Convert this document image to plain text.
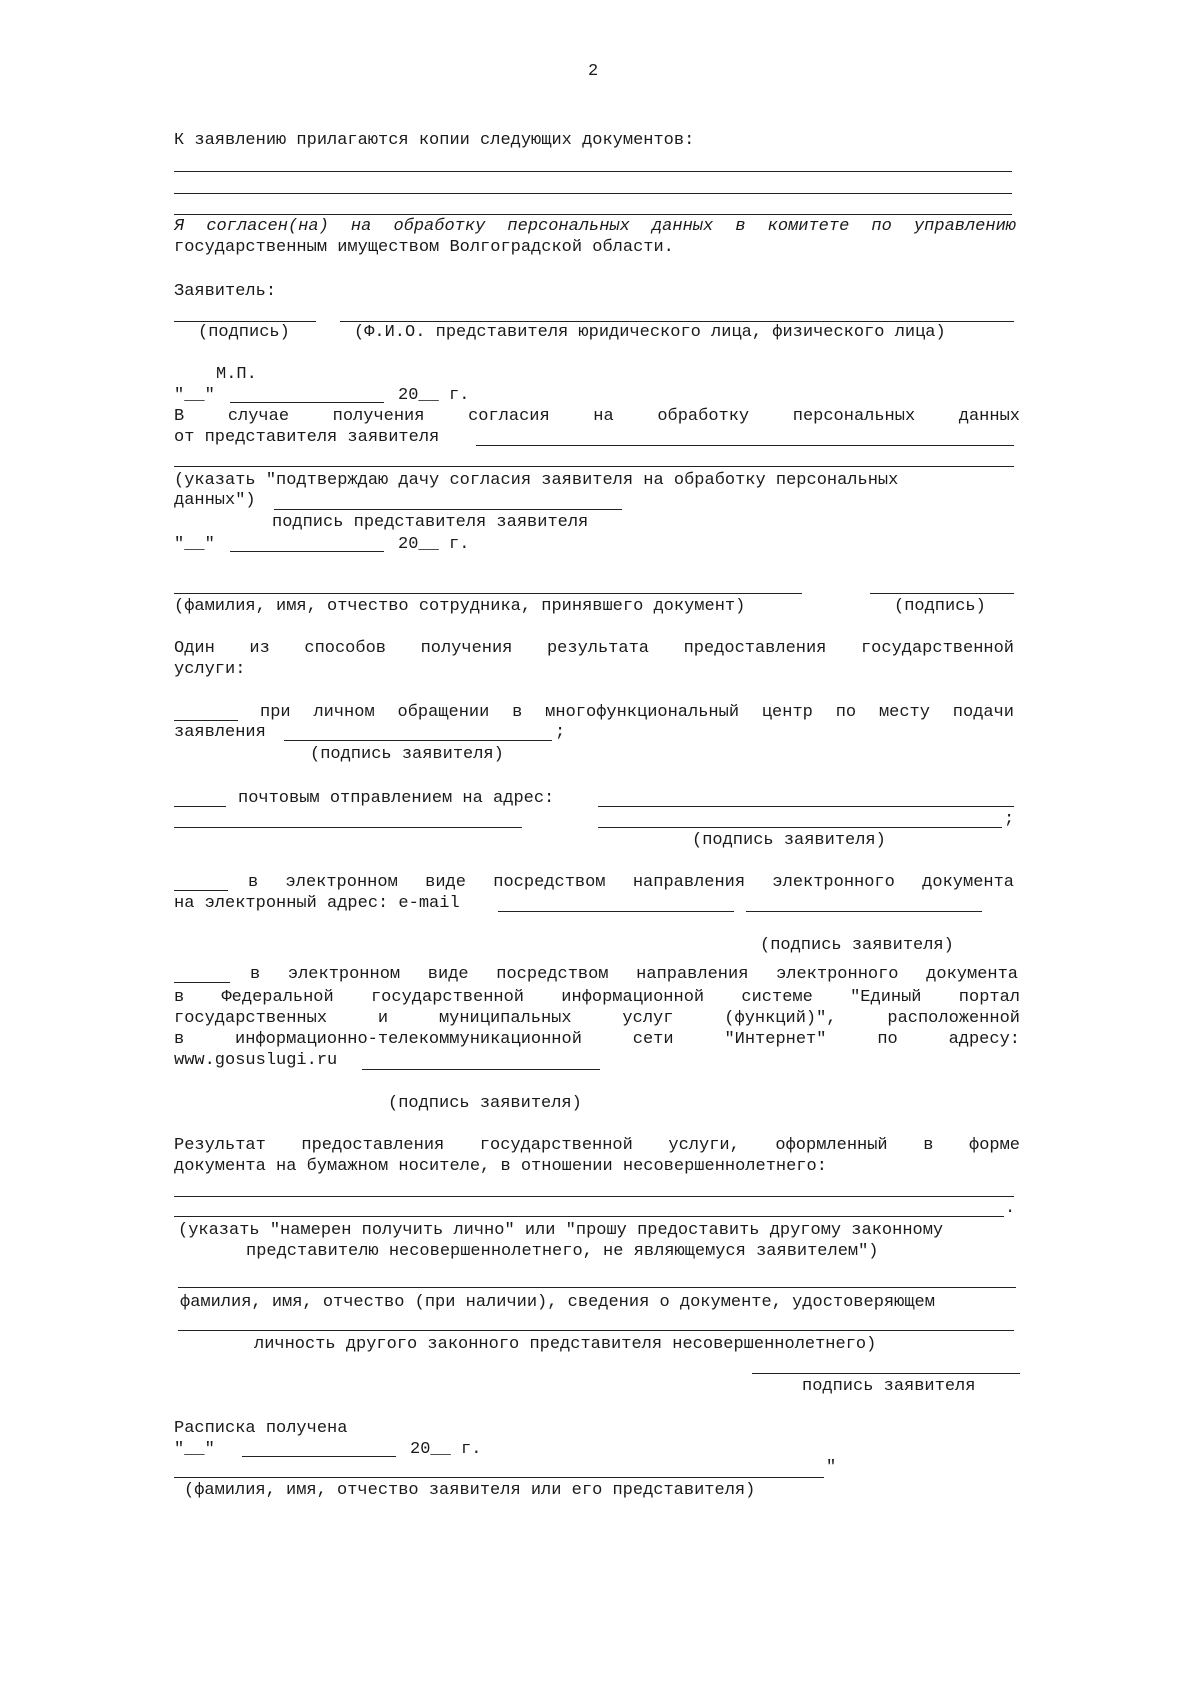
2
К заявлению прилагаются копии следующих документов:
Я согласен(на) на обработку персональных данных в комитете по управлению
государственным имуществом Волгоградской области.
Заявитель:
(подпись)	(Ф.И.О. представителя юридического лица, физического лица)
М.П.
"__"	20__ г.
В случае получения согласия на обработку персональных данных
от представителя заявителя
(указать "подтверждаю дачу согласия заявителя на обработку персональных
данных")
подпись представителя заявителя
"__"	20__ г.
(фамилия, имя, отчество сотрудника, принявшего документ)	(подпись)
Один из способов получения результата предоставления государственной
услуги:
при личном обращении в многофункциональный центр по месту подачи
заявления	;
(подпись заявителя)
почтовым отправлением на адрес:
;
(подпись заявителя)
в электронном виде посредством направления электронного документа
на электронный адрес: e-mail
(подпись заявителя)
в электронном виде посредством направления электронного документа
в Федеральной государственной информационной системе "Единый портал
государственных и муниципальных услуг (функций)", расположенной
в информационно-телекоммуникационной сети "Интернет" по адресу:
www.gosuslugi.ru
(подпись заявителя)
Результат предоставления государственной услуги, оформленный в форме
документа на бумажном носителе, в отношении несовершеннолетнего:
.
(указать "намерен получить лично" или "прошу предоставить другому законному
представителю несовершеннолетнего, не являющемуся заявителем")
фамилия, имя, отчество (при наличии), сведения о документе, удостоверяющем
личность другого законного представителя несовершеннолетнего)
подпись заявителя
Расписка получена
"__"	20__ г.
"
(фамилия, имя, отчество заявителя или его представителя)
